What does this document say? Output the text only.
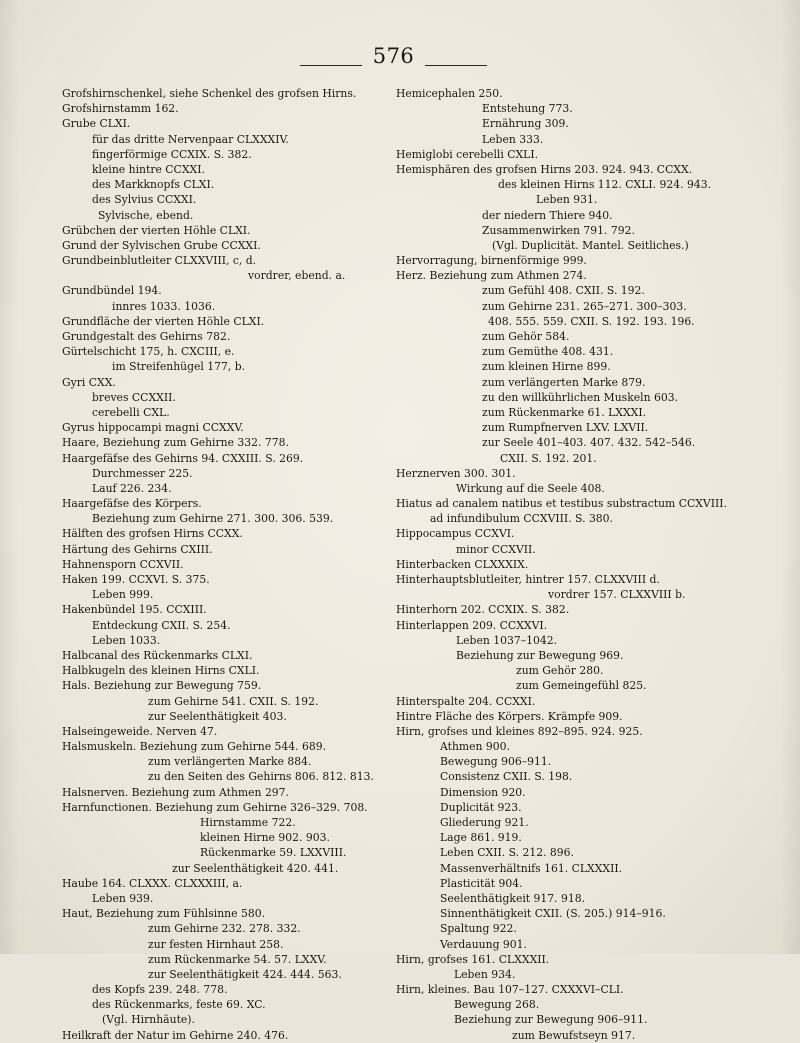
576
Grofshirnschenkel, siehe Schenkel des grofsen Hirns.
Grofshirnstamm 162.
Grube CLXI.
für das dritte Nervenpaar CLXXXIV.
fingerförmige CCXIX. S. 382.
kleine hintre CCXXI.
des Markknopfs CLXI.
des Sylvius CCXXI.
Sylvische, ebend.
Grübchen der vierten Höhle CLXI.
Grund der Sylvischen Grube CCXXI.
Grundbeinblutleiter CLXXVIII, c, d.
vordrer, ebend. a.
Grundbündel 194.
innres 1033. 1036.
Grundfläche der vierten Höhle CLXI.
Grundgestalt des Gehirns 782.
Gürtelschicht 175, h. CXCIII, e.
im Streifenhügel 177, b.
Gyri CXX.
breves CCXXII.
cerebelli CXL.
Gyrus hippocampi magni CCXXV.
Haare, Beziehung zum Gehirne 332. 778.
Haargefäfse des Gehirns 94. CXXIII. S. 269.
Durchmesser 225.
Lauf 226. 234.
Haargefäfse des Körpers.
Beziehung zum Gehirne 271. 300. 306. 539.
Hälften des grofsen Hirns CCXX.
Härtung des Gehirns CXIII.
Hahnensporn CCXVII.
Haken 199. CCXVI. S. 375.
Leben 999.
Hakenbündel 195. CCXIII.
Entdeckung CXII. S. 254.
Leben 1033.
Halbcanal des Rückenmarks CLXI.
Halbkugeln des kleinen Hirns CXLI.
Hals. Beziehung zur Bewegung 759.
zum Gehirne 541. CXII. S. 192.
zur Seelenthätigkeit 403.
Halseingeweide. Nerven 47.
Halsmuskeln. Beziehung zum Gehirne 544. 689.
zum verlängerten Marke 884.
zu den Seiten des Gehirns 806. 812. 813.
Halsnerven. Beziehung zum Athmen 297.
Harnfunctionen. Beziehung zum Gehirne 326–329. 708.
Hirnstamme 722.
kleinen Hirne 902. 903.
Rückenmarke 59. LXXVIII.
zur Seelenthätigkeit 420. 441.
Haube 164. CLXXX. CLXXXIII, a.
Leben 939.
Haut, Beziehung zum Fühlsinne 580.
zum Gehirne 232. 278. 332.
zur festen Hirnhaut 258.
zum Rückenmarke 54. 57. LXXV.
zur Seelenthätigkeit 424. 444. 563.
des Kopfs 239. 248. 778.
des Rückenmarks, feste 69. XC.
(Vgl. Hirnhäute).
Heilkraft der Natur im Gehirne 240. 476.
Hemicephalen 250.
Entstehung 773.
Ernährung 309.
Leben 333.
Hemiglobi cerebelli CXLI.
Hemisphären des grofsen Hirns 203. 924. 943. CCXX.
des kleinen Hirns 112. CXLI. 924. 943.
Leben 931.
der niedern Thiere 940.
Zusammenwirken 791. 792.
(Vgl. Duplicität. Mantel. Seitliches.)
Hervorragung, birnenförmige 999.
Herz. Beziehung zum Athmen 274.
zum Gefühl 408. CXII. S. 192.
zum Gehirne 231. 265–271. 300–303.
408. 555. 559. CXII. S. 192. 193. 196.
zum Gehör 584.
zum Gemüthe 408. 431.
zum kleinen Hirne 899.
zum verlängerten Marke 879.
zu den willkührlichen Muskeln 603.
zum Rückenmarke 61. LXXXI.
zum Rumpfnerven LXV. LXVII.
zur Seele 401–403. 407. 432. 542–546.
CXII. S. 192. 201.
Herznerven 300. 301.
Wirkung auf die Seele 408.
Hiatus ad canalem natibus et testibus substractum CCXVIII.
ad infundibulum CCXVIII. S. 380.
Hippocampus CCXVI.
minor CCXVII.
Hinterbacken CLXXXIX.
Hinterhauptsblutleiter, hintrer 157. CLXXVIII d.
vordrer 157. CLXXVIII b.
Hinterhorn 202. CCXIX. S. 382.
Hinterlappen 209. CCXXVI.
Leben 1037–1042.
Beziehung zur Bewegung 969.
zum Gehör 280.
zum Gemeingefühl 825.
Hinterspalte 204. CCXXI.
Hintre Fläche des Körpers. Krämpfe 909.
Hirn, grofses und kleines 892–895. 924. 925.
Athmen 900.
Bewegung 906–911.
Consistenz CXII. S. 198.
Dimension 920.
Duplicität 923.
Gliederung 921.
Lage 861. 919.
Leben CXII. S. 212. 896.
Massenverhältnifs 161. CLXXXII.
Plasticität 904.
Seelenthätigkeit 917. 918.
Sinnenthätigkeit CXII. (S. 205.) 914–916.
Spaltung 922.
Verdauung 901.
Hirn, grofses 161. CLXXXII.
Leben 934.
Hirn, kleines. Bau 107–127. CXXXVI–CLI.
Bewegung 268.
Beziehung zur Bewegung 906–911.
zum Bewufstseyn 917.
